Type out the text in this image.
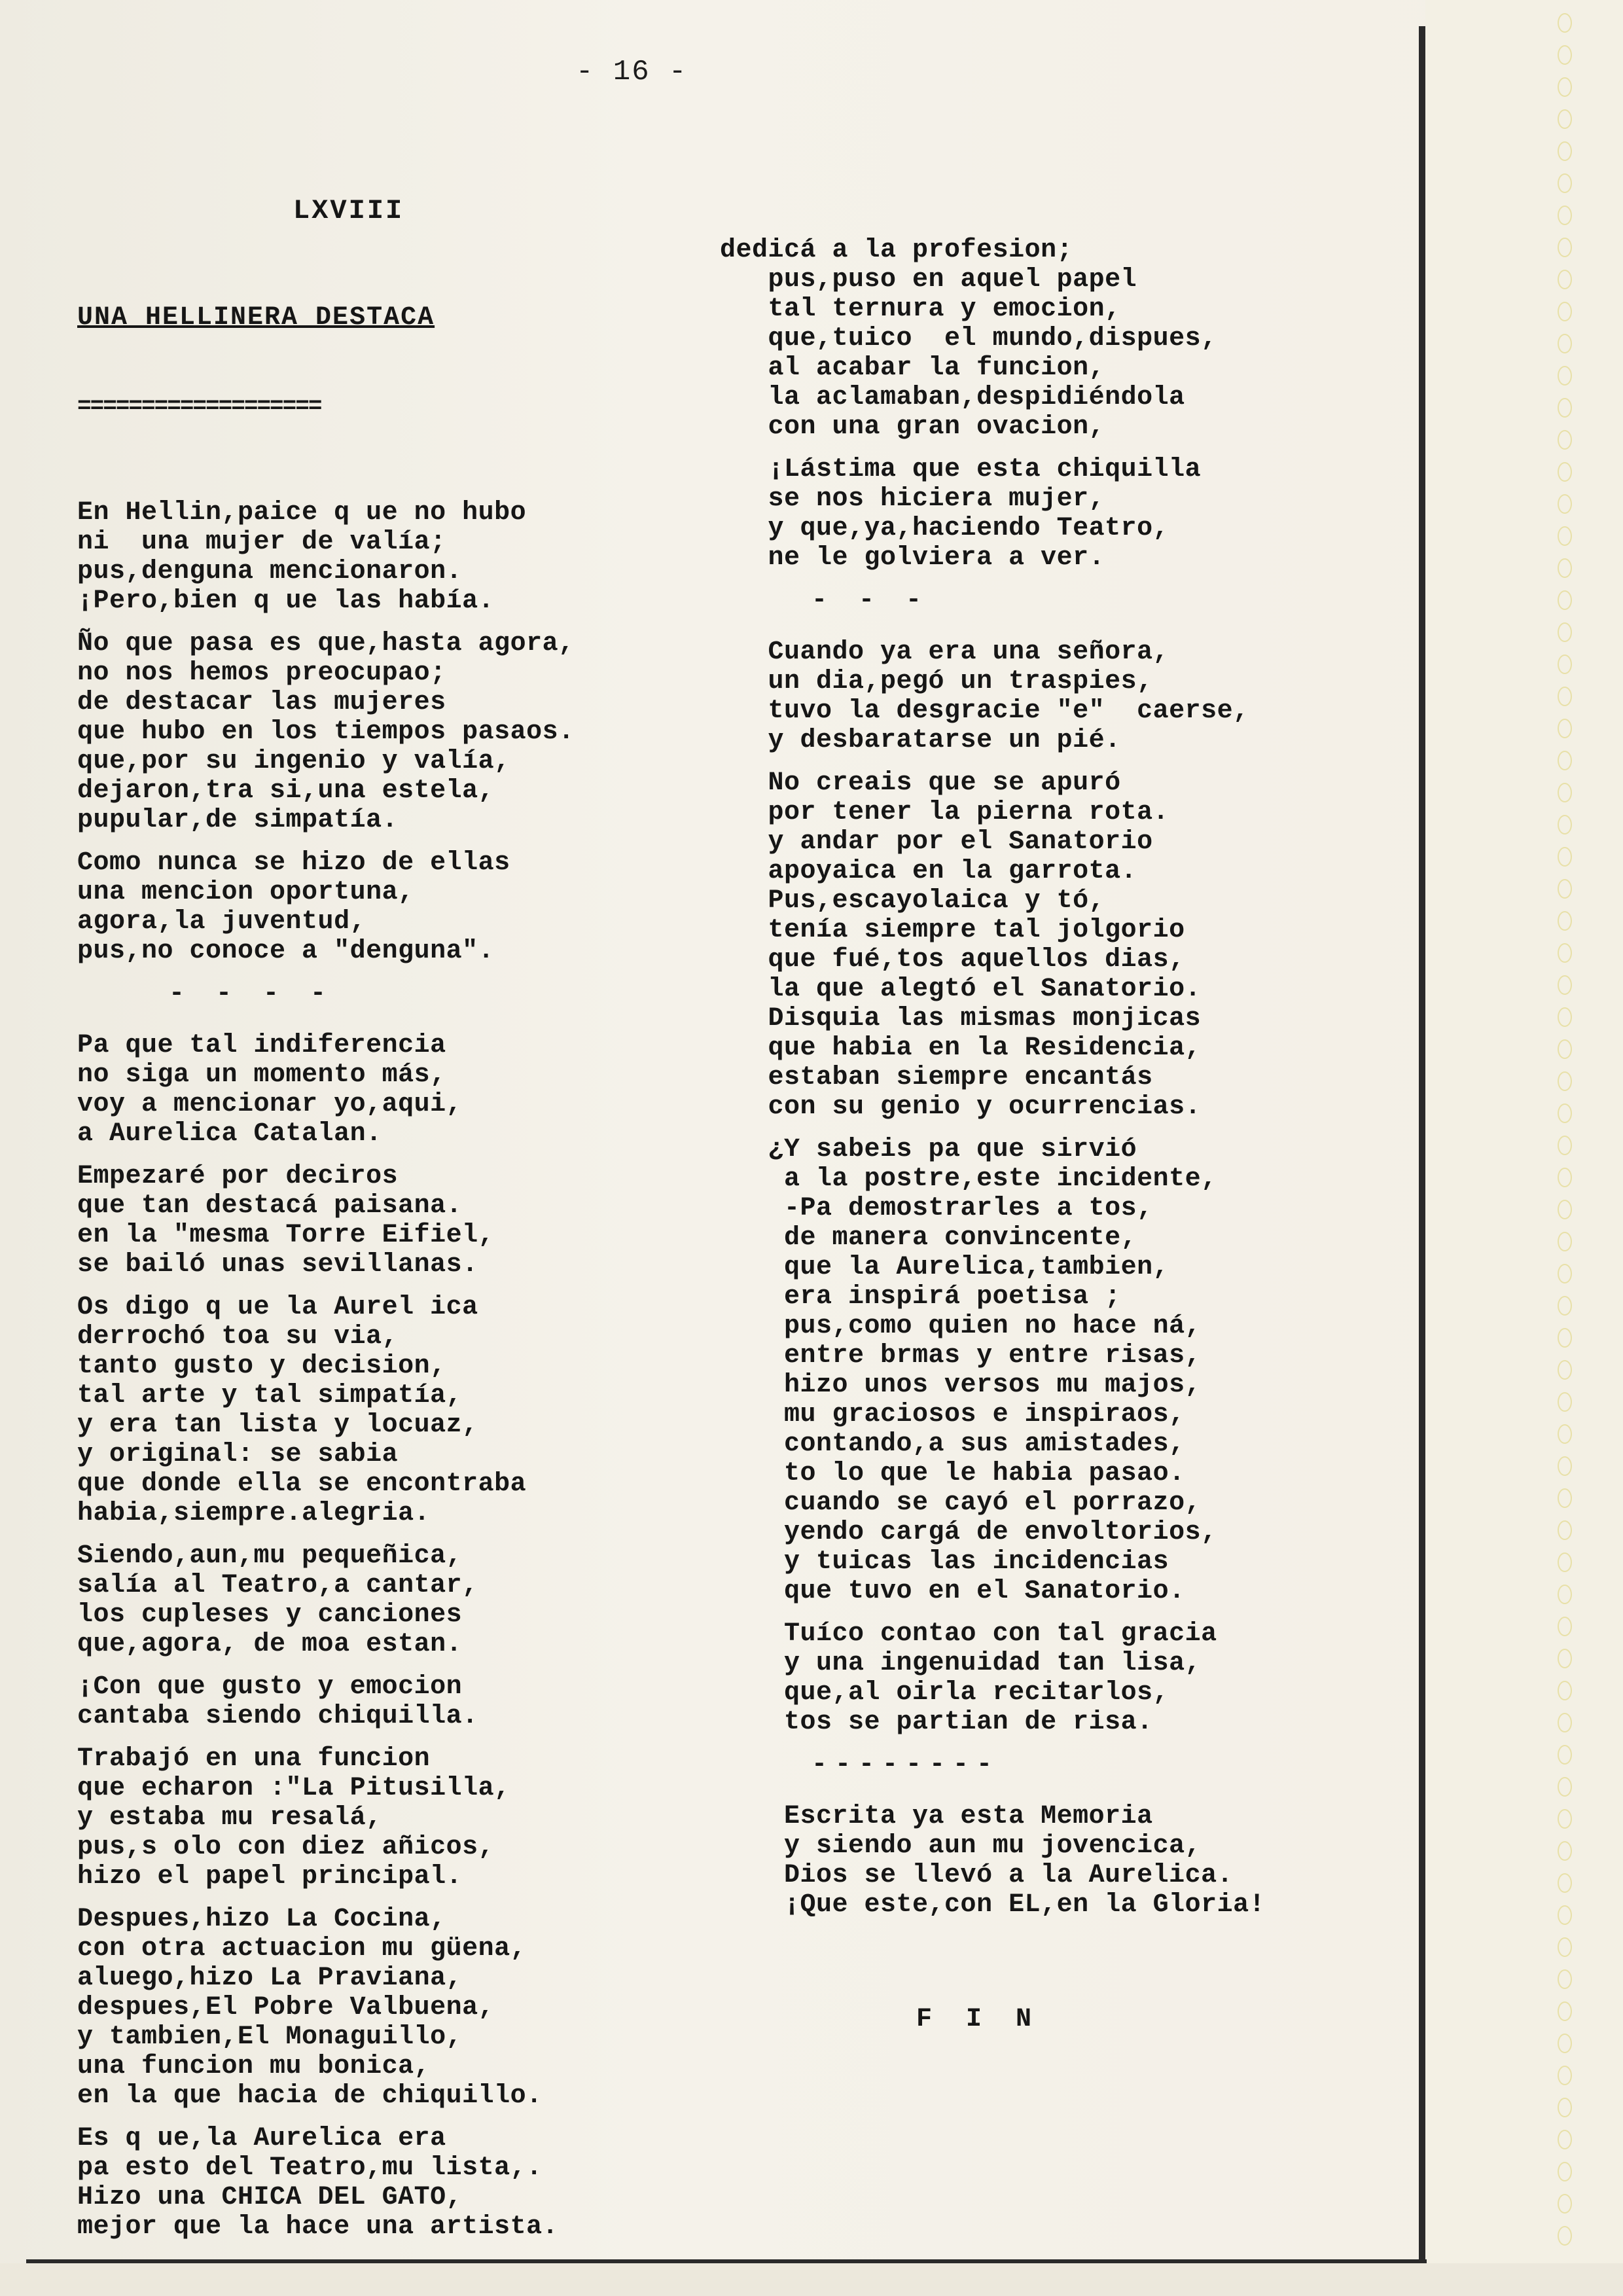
- 16 -

LXVIII

UNA HELLINERA DESTACA

===================

En Hellin,paice q ue no hubo
ni  una mujer de valía;
pus,denguna mencionaron.
¡Pero,bien q ue las había.
Ño que pasa es que,hasta agora,
no nos hemos preocupao;
de destacar las mujeres
que hubo en los tiempos pasaos.
que,por su ingenio y valía,
dejaron,tra si,una estela,
pupular,de simpatía.
Como nunca se hizo de ellas
una mencion oportuna,
agora,la juventud,
pus,no conoce a "denguna".
- - - -
Pa que tal indiferencia
no siga un momento más,
voy a mencionar yo,aqui,
a Aurelica Catalan.
Empezaré por deciros
que tan destacá paisana.
en la "mesma Torre Eifiel,
se bailó unas sevillanas.
Os digo q ue la Aurel ica
derrochó toa su via,
tanto gusto y decision,
tal arte y tal simpatía,
y era tan lista y locuaz,
y original: se sabia
que donde ella se encontraba
habia,siempre.alegria.
Siendo,aun,mu pequeñica,
salía al Teatro,a cantar,
los cupleses y canciones
que,agora, de moa estan.
¡Con que gusto y emocion
cantaba siendo chiquilla.
Trabajó en una funcion
que echaron :"La Pitusilla,
y estaba mu resalá,
pus,s olo con diez añicos,
hizo el papel principal.
Despues,hizo La Cocina,
con otra actuacion mu güena,
aluego,hizo La Praviana,
despues,El Pobre Valbuena,
y tambien,El Monaguillo,
una funcion mu bonica,
en la que hacia de chiquillo.
Es q ue,la Aurelica era
pa esto del Teatro,mu lista,.
Hizo una CHICA DEL GATO,
mejor que la hace una artista.

dedicá a la profesion;
pus,puso en aquel papel
tal ternura y emocion,
que,tuico  el mundo,dispues,
al acabar la funcion,
la aclamaban,despidiéndola
con una gran ovacion,
¡Lástima que esta chiquilla
se nos hiciera mujer,
y que,ya,haciendo Teatro,
ne le golviera a ver.
- - -
Cuando ya era una señora,
un dia,pegó un traspies,
tuvo la desgracie "e"  caerse,
y desbaratarse un pié.
No creais que se apuró
por tener la pierna rota.
y andar por el Sanatorio
apoyaica en la garrota.
Pus,escayolaica y tó,
tenía siempre tal jolgorio
que fué,tos aquellos dias,
la que alegtó el Sanatorio.
Disquia las mismas monjicas
que habia en la Residencia,
estaban siempre encantás
con su genio y ocurrencias.
¿Y sabeis pa que sirvió
a la postre,este incidente,
-Pa demostrarles a tos,
de manera convincente,
que la Aurelica,tambien,
era inspirá poetisa ;
pus,como quien no hace ná,
entre brmas y entre risas,
hizo unos versos mu majos,
mu graciosos e inspiraos,
contando,a sus amistades,
to lo que le habia pasao.
cuando se cayó el porrazo,
yendo cargá de envoltorios,
y tuicas las incidencias
que tuvo en el Sanatorio.
Tuíco contao con tal gracia
y una ingenuidad tan lisa,
que,al oirla recitarlos,
tos se partian de risa.
--------
Escrita ya esta Memoria
y siendo aun mu jovencica,
Dios se llevó a la Aurelica.
¡Que este,con EL,en la Gloria!

F I N
